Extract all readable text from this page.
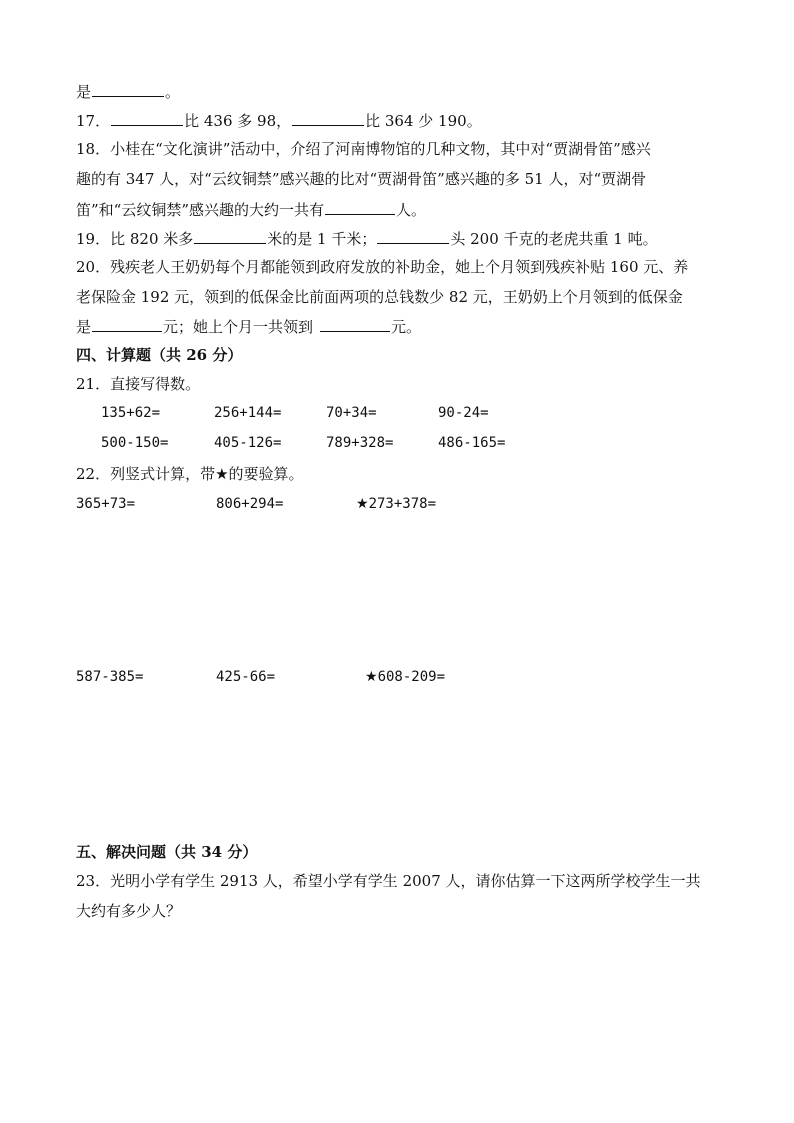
是	。
17．	比 436 多 98，	比 364 少 190。
18．小桂在“文化演讲”活动中，介绍了河南博物馆的几种文物，其中对“贾湖骨笛”感兴
趣的有 347 人，对“云纹铜禁”感兴趣的比对“贾湖骨笛”感兴趣的多 51 人，对“贾湖骨
笛”和“云纹铜禁”感兴趣的大约一共有	人。
19．比 820 米多	米的是 1 千米；	头 200 千克的老虎共重 1 吨。
20．残疾老人王奶奶每个月都能领到政府发放的补助金，她上个月领到残疾补贴 160 元、养
老保险金 192 元，领到的低保金比前面两项的总钱数少 82 元，王奶奶上个月领到的低保金
是	元；她上个月一共领到	元。
四、计算题（共 26 分）
21．直接写得数。
135+62=	256+144=	70+34=	90-24=
500-150=	405-126=	789+328=	486-165=
22．列竖式计算，带★的要验算。
365+73=	806+294=	★273+378=
587-385=	425-66=	★608-209=
五、解决问题（共 34 分）
23．光明小学有学生 2913 人，希望小学有学生 2007 人，请你估算一下这两所学校学生一共
大约有多少人？
